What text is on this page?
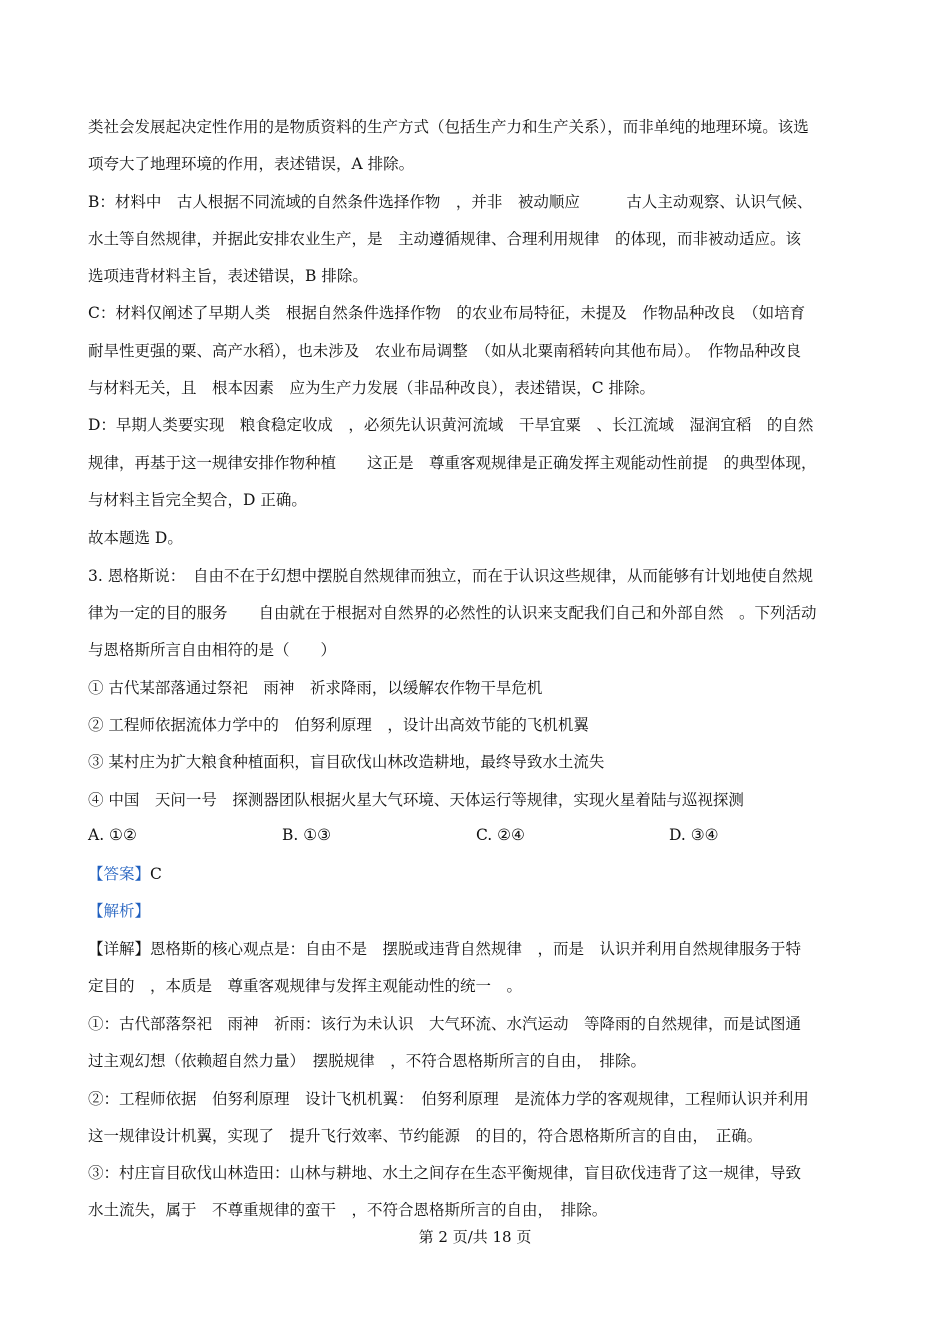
类社会发展起决定性作用的是物质资料的生产方式（包括生产力和生产关系），而非单纯的地理环境。该选
项夸大了地理环境的作用，表述错误，A 排除。
B：材料中　古人根据不同流域的自然条件选择作物　，并非　被动顺应　　　古人主动观察、认识气候、
水土等自然规律，并据此安排农业生产，是　主动遵循规律、合理利用规律　的体现，而非被动适应。该
选项违背材料主旨，表述错误，B 排除。
C：材料仅阐述了早期人类　根据自然条件选择作物　的农业布局特征，未提及　作物品种改良　（如培育
耐旱性更强的粟、高产水稻），也未涉及　农业布局调整　（如从北粟南稻转向其他布局）。　作物品种改良
与材料无关，且　根本因素　应为生产力发展（非品种改良），表述错误，C 排除。
D：早期人类要实现　粮食稳定收成　，必须先认识黄河流域　干旱宜粟　、长江流域　湿润宜稻　的自然
规律，再基于这一规律安排作物种植　　这正是　尊重客观规律是正确发挥主观能动性前提　的典型体现，
与材料主旨完全契合，D 正确。
故本题选 D。
3. 恩格斯说：　自由不在于幻想中摆脱自然规律而独立，而在于认识这些规律，从而能够有计划地使自然规
律为一定的目的服务　　自由就在于根据对自然界的必然性的认识来支配我们自己和外部自然　。下列活动
与恩格斯所言自由相符的是（　　）
① 古代某部落通过祭祀　雨神　祈求降雨，以缓解农作物干旱危机
② 工程师依据流体力学中的　伯努利原理　，设计出高效节能的飞机机翼
③ 某村庄为扩大粮食种植面积，盲目砍伐山林改造耕地，最终导致水土流失
④ 中国　天问一号　探测器团队根据火星大气环境、天体运行等规律，实现火星着陆与巡视探测
A. ①②	B. ①③	C. ②④	D. ③④
【答案】C
【解析】
【详解】恩格斯的核心观点是：自由不是　摆脱或违背自然规律　，而是　认识并利用自然规律服务于特
定目的　，本质是　尊重客观规律与发挥主观能动性的统一　。
①：古代部落祭祀　雨神　祈雨：该行为未认识　大气环流、水汽运动　等降雨的自然规律，而是试图通
过主观幻想（依赖超自然力量）　摆脱规律　，不符合恩格斯所言的自由，　排除。
②：工程师依据　伯努利原理　设计飞机机翼：　伯努利原理　是流体力学的客观规律，工程师认识并利用
这一规律设计机翼，实现了　提升飞行效率、节约能源　的目的，符合恩格斯所言的自由，　正确。
③：村庄盲目砍伐山林造田：山林与耕地、水土之间存在生态平衡规律，盲目砍伐违背了这一规律，导致
水土流失，属于　不尊重规律的蛮干　，不符合恩格斯所言的自由，　排除。
第 2 页/共 18 页
